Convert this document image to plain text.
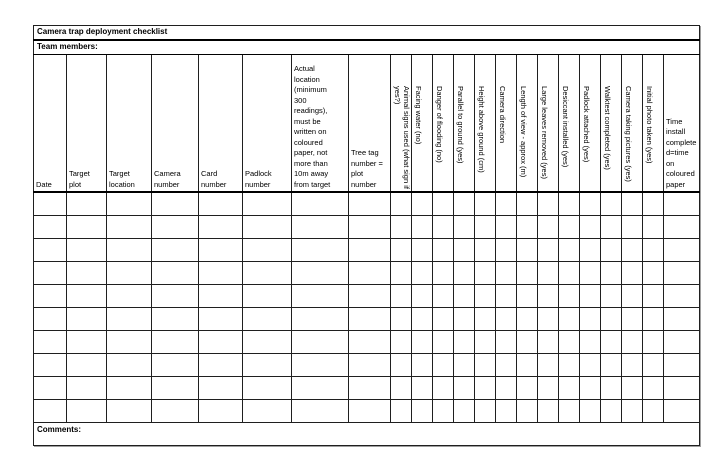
Camera trap deployment checklist																					
Team members:																					

Date	Target plot	Target location	Camera number	Card number	Padlock number	Actual location (minimum 300 readings), must be written on coloured paper, not more than 10m away from target	Tree tag number = plot number	Animal signs used (what sign if yes?)	Facing water (no)	Danger of flooding (no)	Parallel to ground (yes)	Height above ground (cm)	Camera direction	Length of view - approx (m)	Large leaves removed (yes)	Desiccant installed (yes)	Padlock attached (yes)	Walktest completed (yes)	Camera taking pictures (yes)	Initial photo taken (yes)	Time install completed=time on coloured paper

Comments:																					
